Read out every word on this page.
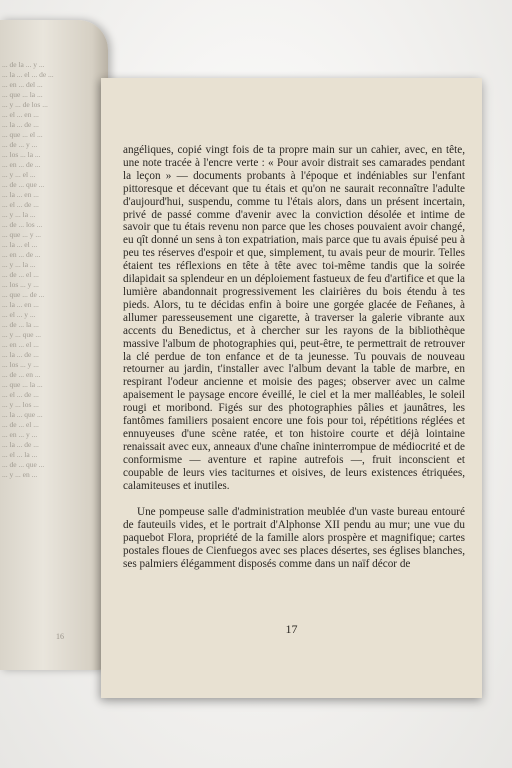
... de la ... y ...
... la ... el ... de ...
... en ... del ...
... que ... la ...
... y ... de los ...
... el ... en ...
... la ... de ...
... que ... el ...
... de ... y ...
... los ... la ...
... en ... de ...
... y ... el ...
... de ... que ...
... la ... en ...
... el ... de ...
... y ... la ...
... de ... los ...
... que ... y ...
... la ... el ...
... en ... de ...
... y ... la ...
... de ... el ...
... los ... y ...
... que ... de ...
... la ... en ...
... el ... y ...
... de ... la ...
... y ... que ...
... en ... el ...
... la ... de ...
... los ... y ...
... de ... en ...
... que ... la ...
... el ... de ...
... y ... los ...
... la ... que ...
... de ... el ...
... en ... y ...
... la ... de ...
... el ... la ...
... de ... que ...
... y ... en ...
16

angéliques, copié vingt fois de ta propre main sur un cahier, avec, en tête, une note tracée à l'encre verte : « Pour avoir distrait ses camarades pendant la leçon » — documents probants à l'époque et indéniables sur l'enfant pittoresque et décevant que tu étais et qu'on ne saurait reconnaître l'adulte d'aujourd'hui, suspendu, comme tu l'étais alors, dans un présent incertain, privé de passé comme d'avenir avec la conviction désolée et intime de savoir que tu étais revenu non parce que les choses pouvaient avoir changé, eu qît donné un sens à ton expatriation, mais parce que tu avais épuisé peu à peu tes réserves d'espoir et que, simplement, tu avais peur de mourir. Telles étaient tes réflexions en tête à tête avec toi-même tandis que la soirée dilapidait sa splendeur en un déploiement fastueux de feu d'artifice et que la lumière abandonnait progressivement les clairières du bois étendu à tes pieds. Alors, tu te décidas enfin à boire une gorgée glacée de Feñanes, à allumer paresseusement une cigarette, à traverser la galerie vibrante aux accents du Benedictus, et à chercher sur les rayons de la bibliothèque massive l'album de photographies qui, peut-être, te permettrait de retrouver la clé perdue de ton enfance et de ta jeunesse. Tu pouvais de nouveau retourner au jardin, t'installer avec l'album devant la table de marbre, en respirant l'odeur ancienne et moisie des pages; observer avec un calme apaisement le paysage encore éveillé, le ciel et la mer malléables, le soleil rougi et moribond. Figés sur des photographies pâlies et jaunâtres, les fantômes familiers posaient encore une fois pour toi, répétitions réglées et ennuyeuses d'une scène ratée, et ton histoire courte et déjà lointaine renaissait avec eux, anneaux d'une chaîne ininterrompue de médiocrité et de conformisme — aventure et rapine autrefois —, fruit inconscient et coupable de leurs vies taciturnes et oisives, de leurs existences étriquées, calamiteuses et inutiles.

Une pompeuse salle d'administration meublée d'un vaste bureau entouré de fauteuils vides, et le portrait d'Alphonse XII pendu au mur; une vue du paquebot Flora, propriété de la famille alors prospère et magnifique; cartes postales floues de Cienfuegos avec ses places désertes, ses églises blanches, ses palmiers élégamment disposés comme dans un naïf décor de

17
